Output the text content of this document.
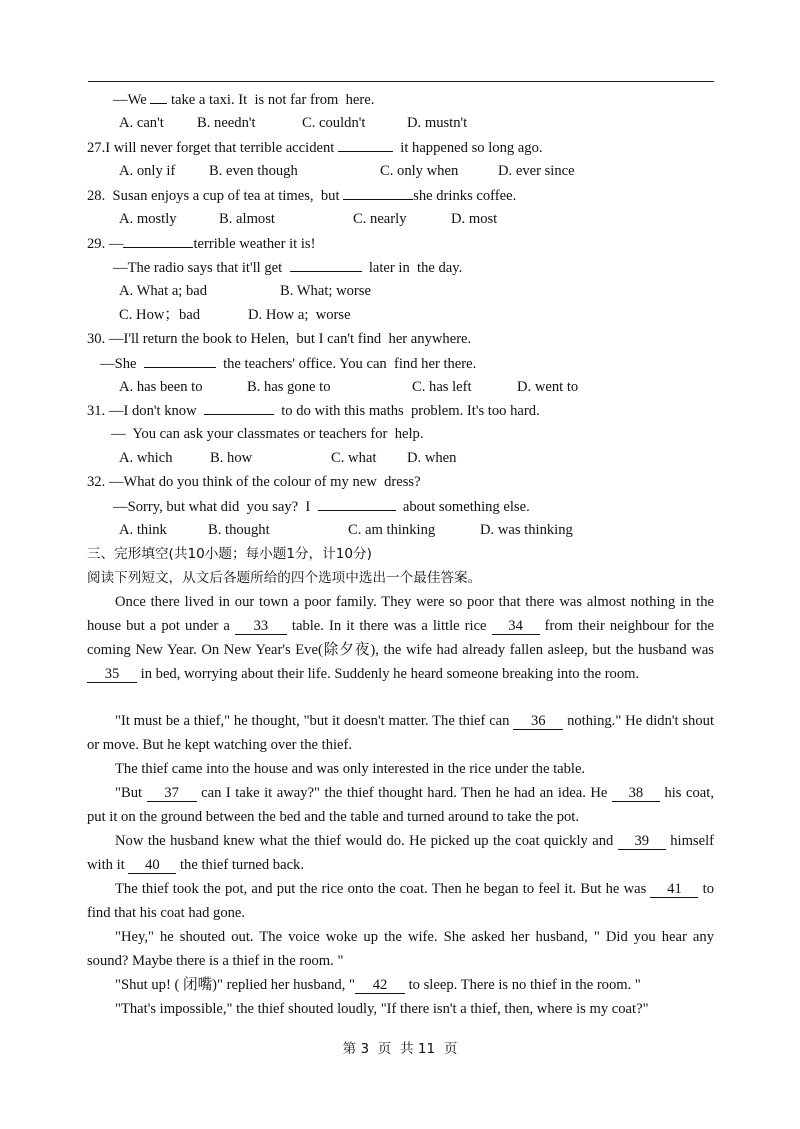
—We  take a taxi. It  is not far from  here.
A. can't B. needn't	C. couldn't	D. mustn't
27.I will never forget that terrible accident	it happened so long ago.
A. only if B. even though	C. only when	D. ever since
28.  Susan enjoys a cup of tea at times,  but	she drinks coffee.
A. mostly	B. almost	C. nearly	D. most
29. —	terrible weather it is!
—The radio says that it'll get	later in  the day.
A. What a; bad	B. What; worse
C. How；bad	D. How a;  worse
30. —I'll return the book to Helen,  but I can't find  her anywhere.
—She	the teachers' office. You can  find her there.
A. has been to	B. has gone to	C. has left	D. went to
31. —I don't know	to do with this maths  problem. It's too hard.
—  You can ask your classmates or teachers for  help.
A. which	B. how	C. what D. when
32. —What do you think of the colour of my new  dress?
—Sorry, but what did  you say?  I	about something else.
A. think	B. thought	C. am thinking	D. was thinking
三、完形填空(共10小题；每小题1分，计10分)
阅读下列短文，从文后各题所给的四个选项中选出一个最佳答案。
Once there lived in our town a poor family. They were so poor that there was almost nothing in the house but a pot under a 33 table. In it there was a little rice 34 from their neighbour for the coming New Year. On New Year's Eve(除夕夜), the wife had already fallen asleep, but the husband was 35 in bed, worrying about their life. Suddenly he heard someone breaking into the room.
"It must be a thief," he thought, "but it doesn't matter. The thief can 36 nothing." He didn't shout or move. But he kept watching over the thief.
The thief came into the house and was only interested in the rice under the table.
"But 37 can I take it away?" the thief thought hard. Then he had an idea. He 38 his coat, put it on the ground between the bed and the table and turned around to take the pot.
Now the husband knew what the thief would do. He picked up the coat quickly and 39 himself with it 40 the thief turned back.
The thief took the pot, and put the rice onto the coat. Then he began to feel it. But he was 41 to find that his coat had gone.
"Hey," he shouted out. The voice woke up the wife. She asked her husband, " Did you hear any sound? Maybe there is a thief in the room. "
"Shut up! ( 闭嘴)" replied her husband, " 42 to sleep. There is no thief in the room. "
"That's impossible," the thief shouted loudly, "If there isn't a thief, then, where is my coat?"
第 3  页  共 11  页
